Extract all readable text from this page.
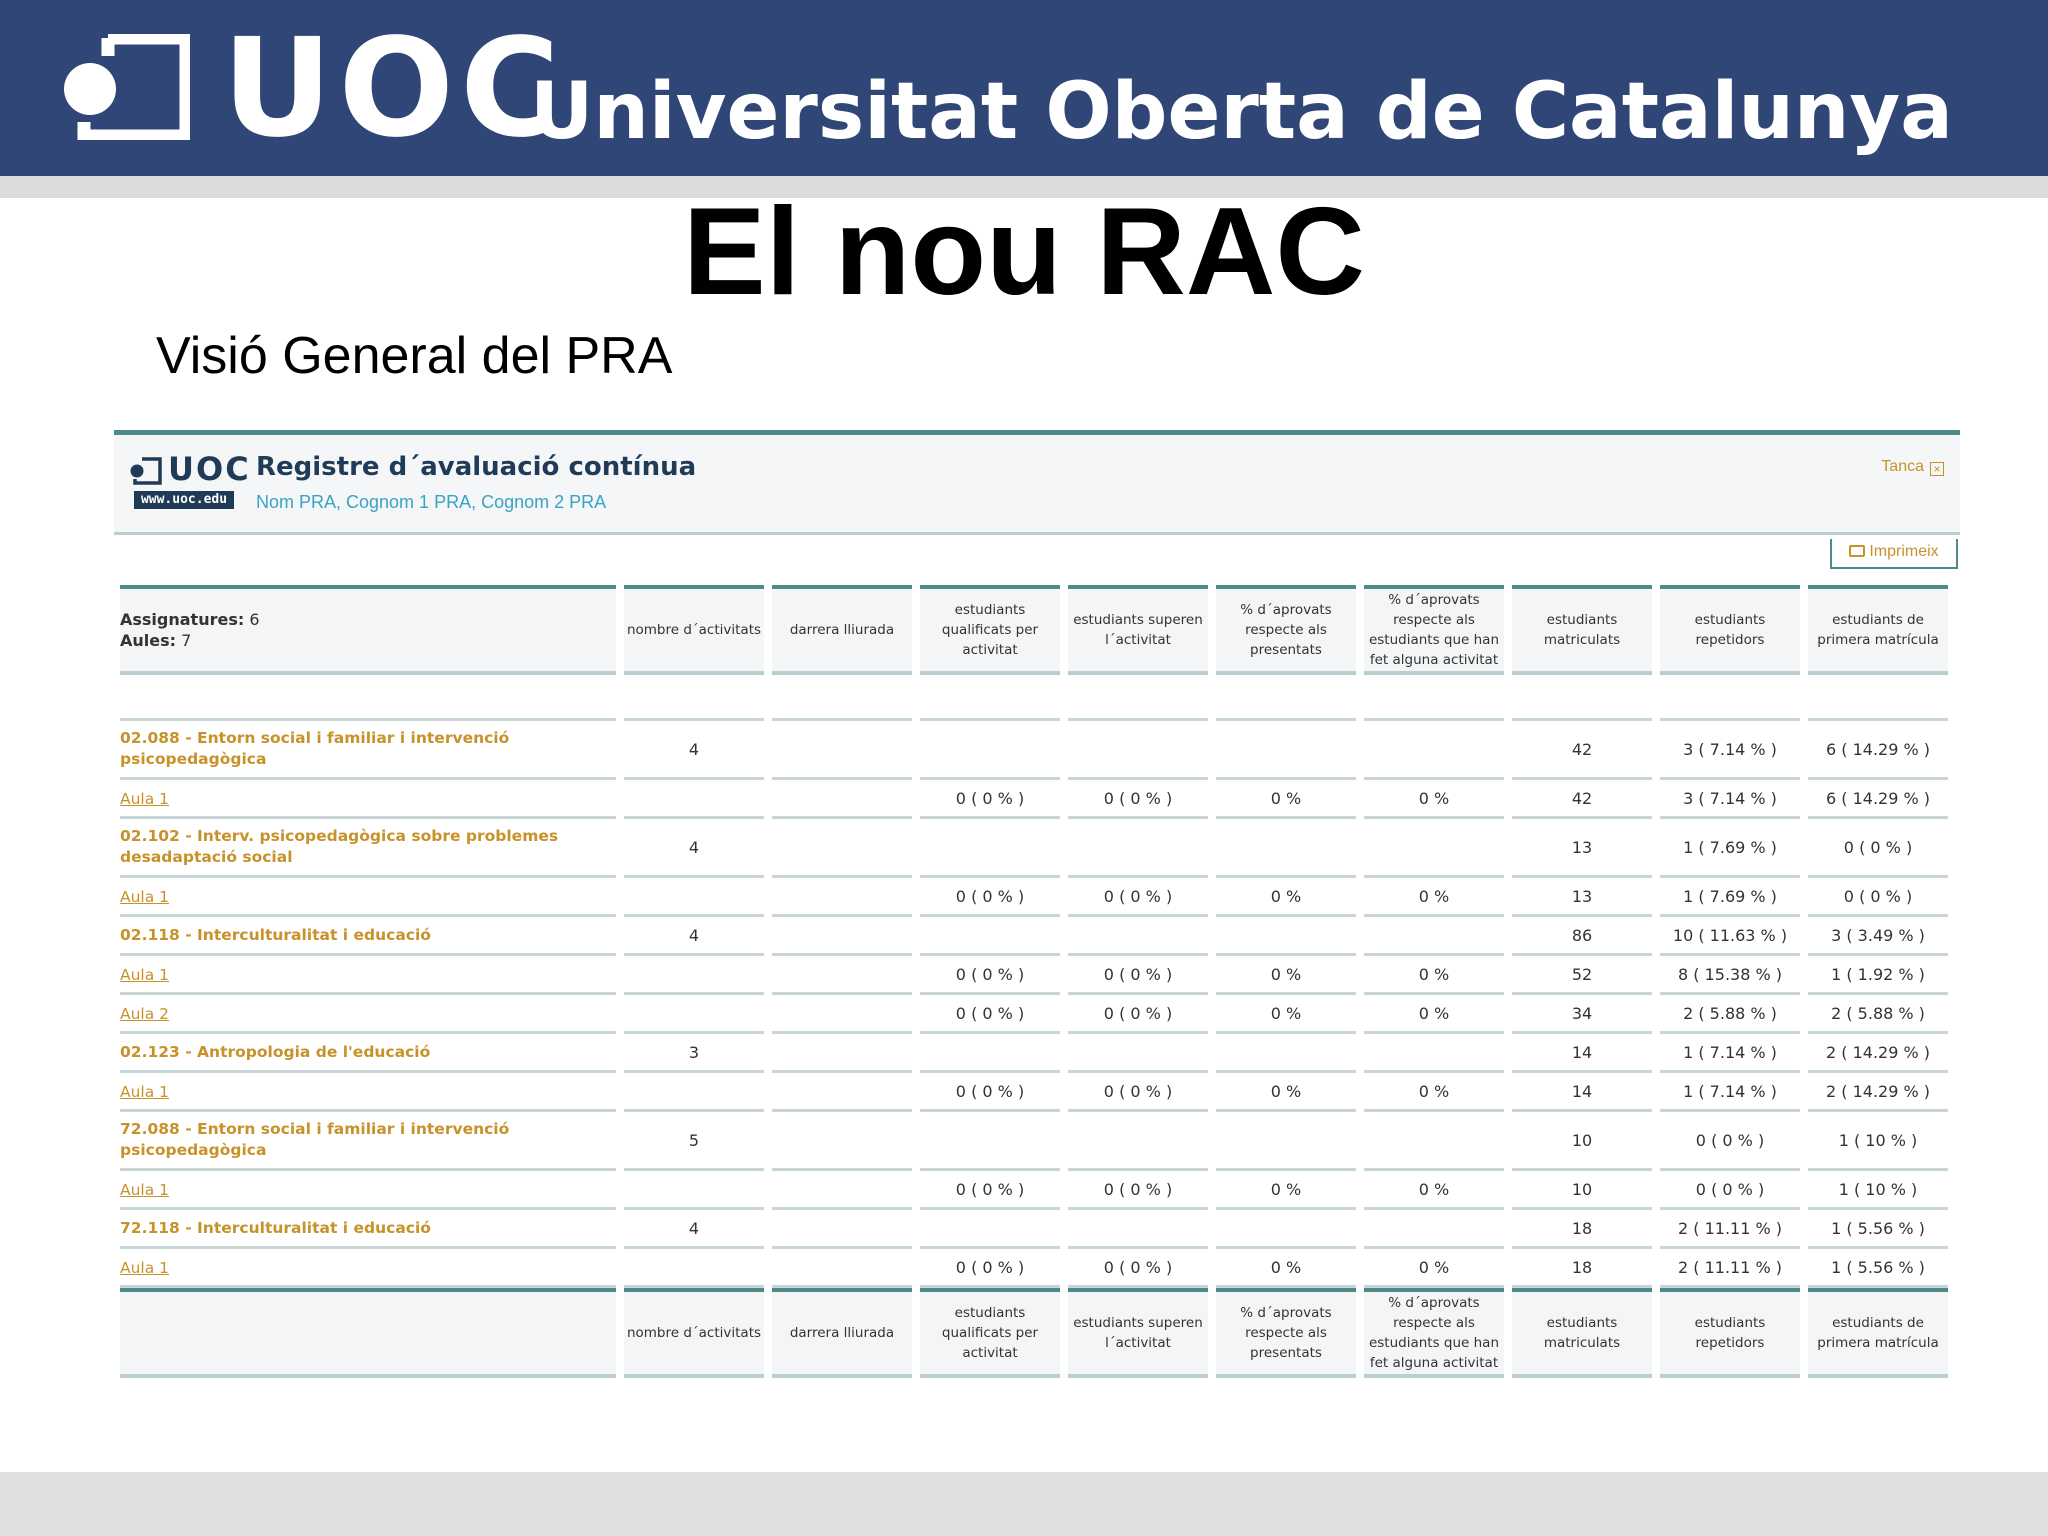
UOC
Universitat Oberta de Catalunya
El nou RAC
Visió General del PRA
UOC
www.uoc.edu
Registre d´avaluació contínua
Nom PRA, Cognom 1 PRA, Cognom 2 PRA
Tanca ×
Imprimeix
Assignatures: 6
Aules: 7	nombre d´activitats	darrera lliurada	estudiants qualificats per activitat	estudiants superen l´activitat	% d´aprovats respecte als presentats	% d´aprovats respecte als estudiants que han fet alguna activitat	estudiants matriculats	estudiants repetidors	estudiants de primera matrícula

02.088 - Entorn social i familiar i intervenció psicopedagògica	4						42	3 ( 7.14 % )	6 ( 14.29 % )
Aula 1			0 ( 0 % )	0 ( 0 % )	0 %	0 %	42	3 ( 7.14 % )	6 ( 14.29 % )
02.102 - Interv. psicopedagògica sobre problemes desadaptació social	4						13	1 ( 7.69 % )	0 ( 0 % )
Aula 1			0 ( 0 % )	0 ( 0 % )	0 %	0 %	13	1 ( 7.69 % )	0 ( 0 % )
02.118 - Interculturalitat i educació	4						86	10 ( 11.63 % )	3 ( 3.49 % )
Aula 1			0 ( 0 % )	0 ( 0 % )	0 %	0 %	52	8 ( 15.38 % )	1 ( 1.92 % )
Aula 2			0 ( 0 % )	0 ( 0 % )	0 %	0 %	34	2 ( 5.88 % )	2 ( 5.88 % )
02.123 - Antropologia de l'educació	3						14	1 ( 7.14 % )	2 ( 14.29 % )
Aula 1			0 ( 0 % )	0 ( 0 % )	0 %	0 %	14	1 ( 7.14 % )	2 ( 14.29 % )
72.088 - Entorn social i familiar i intervenció psicopedagògica	5						10	0 ( 0 % )	1 ( 10 % )
Aula 1			0 ( 0 % )	0 ( 0 % )	0 %	0 %	10	0 ( 0 % )	1 ( 10 % )
72.118 - Interculturalitat i educació	4						18	2 ( 11.11 % )	1 ( 5.56 % )
Aula 1			0 ( 0 % )	0 ( 0 % )	0 %	0 %	18	2 ( 11.11 % )	1 ( 5.56 % )
	nombre d´activitats	darrera lliurada	estudiants qualificats per activitat	estudiants superen l´activitat	% d´aprovats respecte als presentats	% d´aprovats respecte als estudiants que han fet alguna activitat	estudiants matriculats	estudiants repetidors	estudiants de primera matrícula
